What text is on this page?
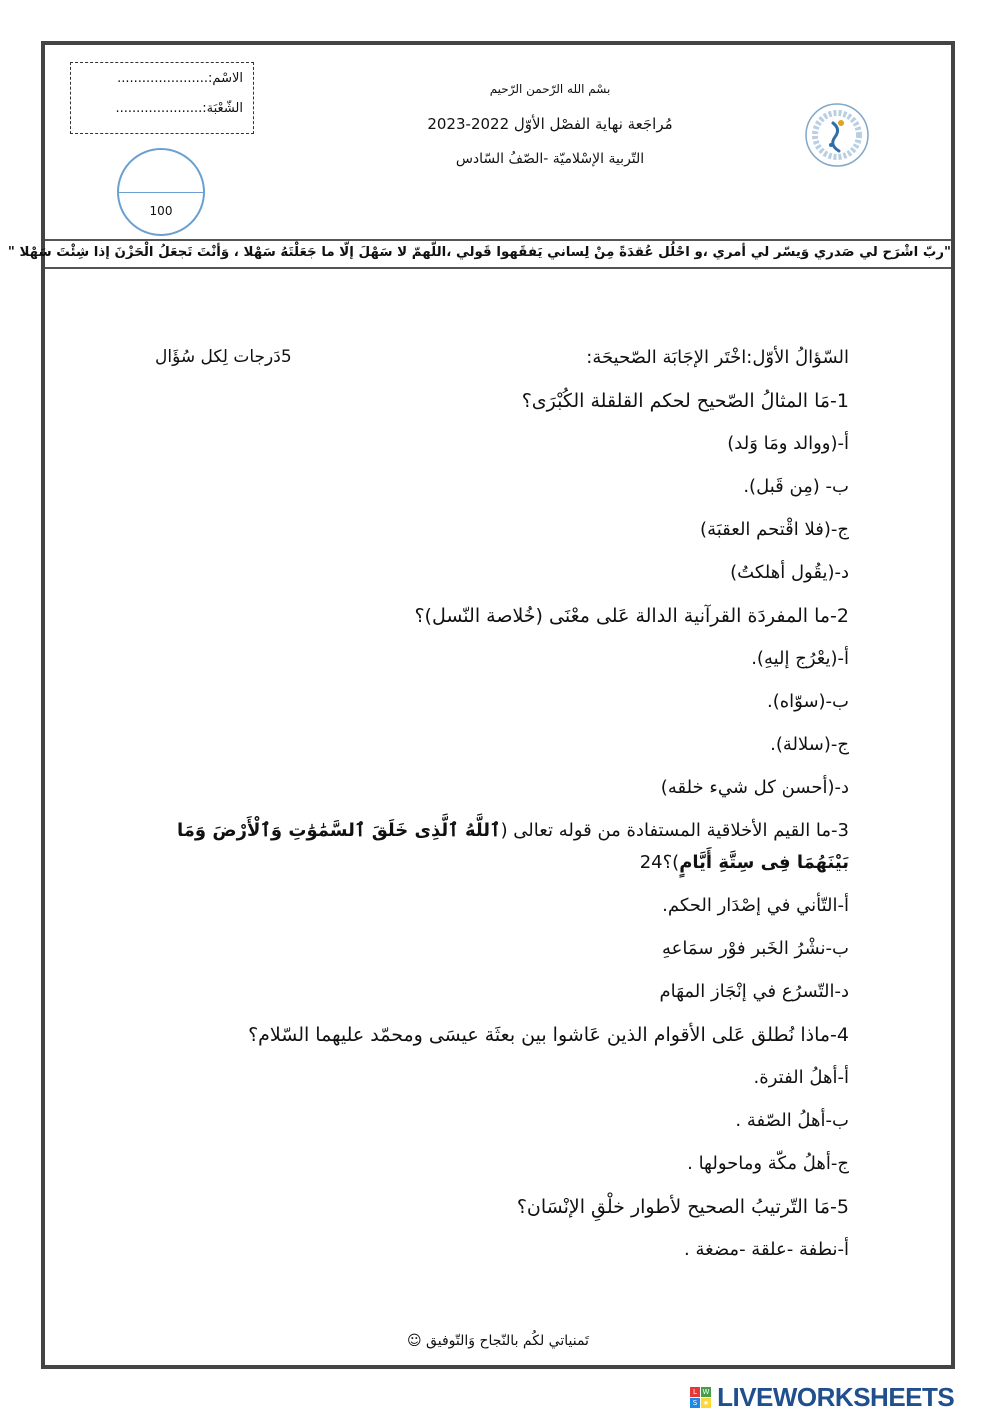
الاسْم:......................
الشّعْبَة:.....................
100
بسْم الله الرّحمن الرّحيم
مُراجَعة نهاية الفصْل الأوّل 2022-2023
التّربية الإسْلاميّة -الصّفُ السّادس
"ربّ اشْرَح لي صَدري وَيسّر لي أمري ،و احْلُل عُقدَةً مِنْ لِساني يَفقَهوا قَولي ،اللّهمّ لا سَهْلَ إلّا ما جَعَلْتَهُ سَهْلا ، وَأنْتَ تَجعَلُ الْحَزْنَ إذا شِئْتَ سَهْلا "
السّؤالُ الأوّل:اخْتَر الإجَابَة الصّحيحَة:
5دَرجات لِكل سُؤَال
1-مَا المثالُ الصّحيح لحكم القلقلة الكُبْرَى؟
أ-(ووالد ومَا وَلد)
ب- (مِن قَبل).
ج-(فلا اقْتحم العقبَة)
د-(يقُول أهلكتُ)
2-ما المفردَة القرآنية الدالة عَلى معْنَى (خُلاصة النّسل)؟
أ-(يعْرُج إليهِ).
ب-(سوّاه).
ج-(سلالة).
د-(أحسن كل شيء خلقه)
3-ما القيم الأخلاقية المستفادة من قوله تعالى (ٱللَّهُ ٱلَّذِى خَلَقَ ٱلسَّمَٰوَٰتِ وَٱلْأَرْضَ وَمَا بَيْنَهُمَا فِى سِتَّةِ أَيَّامٍ)؟24
أ-التّأني في إصْدَار الحكم.
ب-نشْرُ الخَبر فوْر سمَاعهِ
د-التّسرُع في إنْجَاز المهَام
4-ماذا نُطلق عَلى الأقوام الذين عَاشوا بين بعثَة عيسَى ومحمّد عليهما السّلام؟
أ-أهلُ الفترة.
ب-أهلُ الصّفة .
ج-أهلُ مكّة وماحولها .
5-مَا التّرتيبُ الصحيح لأطوار خلْقِ الإنْسَان؟
أ-نطفة -علقة -مضغة .
تَمنياتي لكُم بالنّجاح وَالتّوفيق ☺
L W
S ★ LIVEWORKSHEETS
